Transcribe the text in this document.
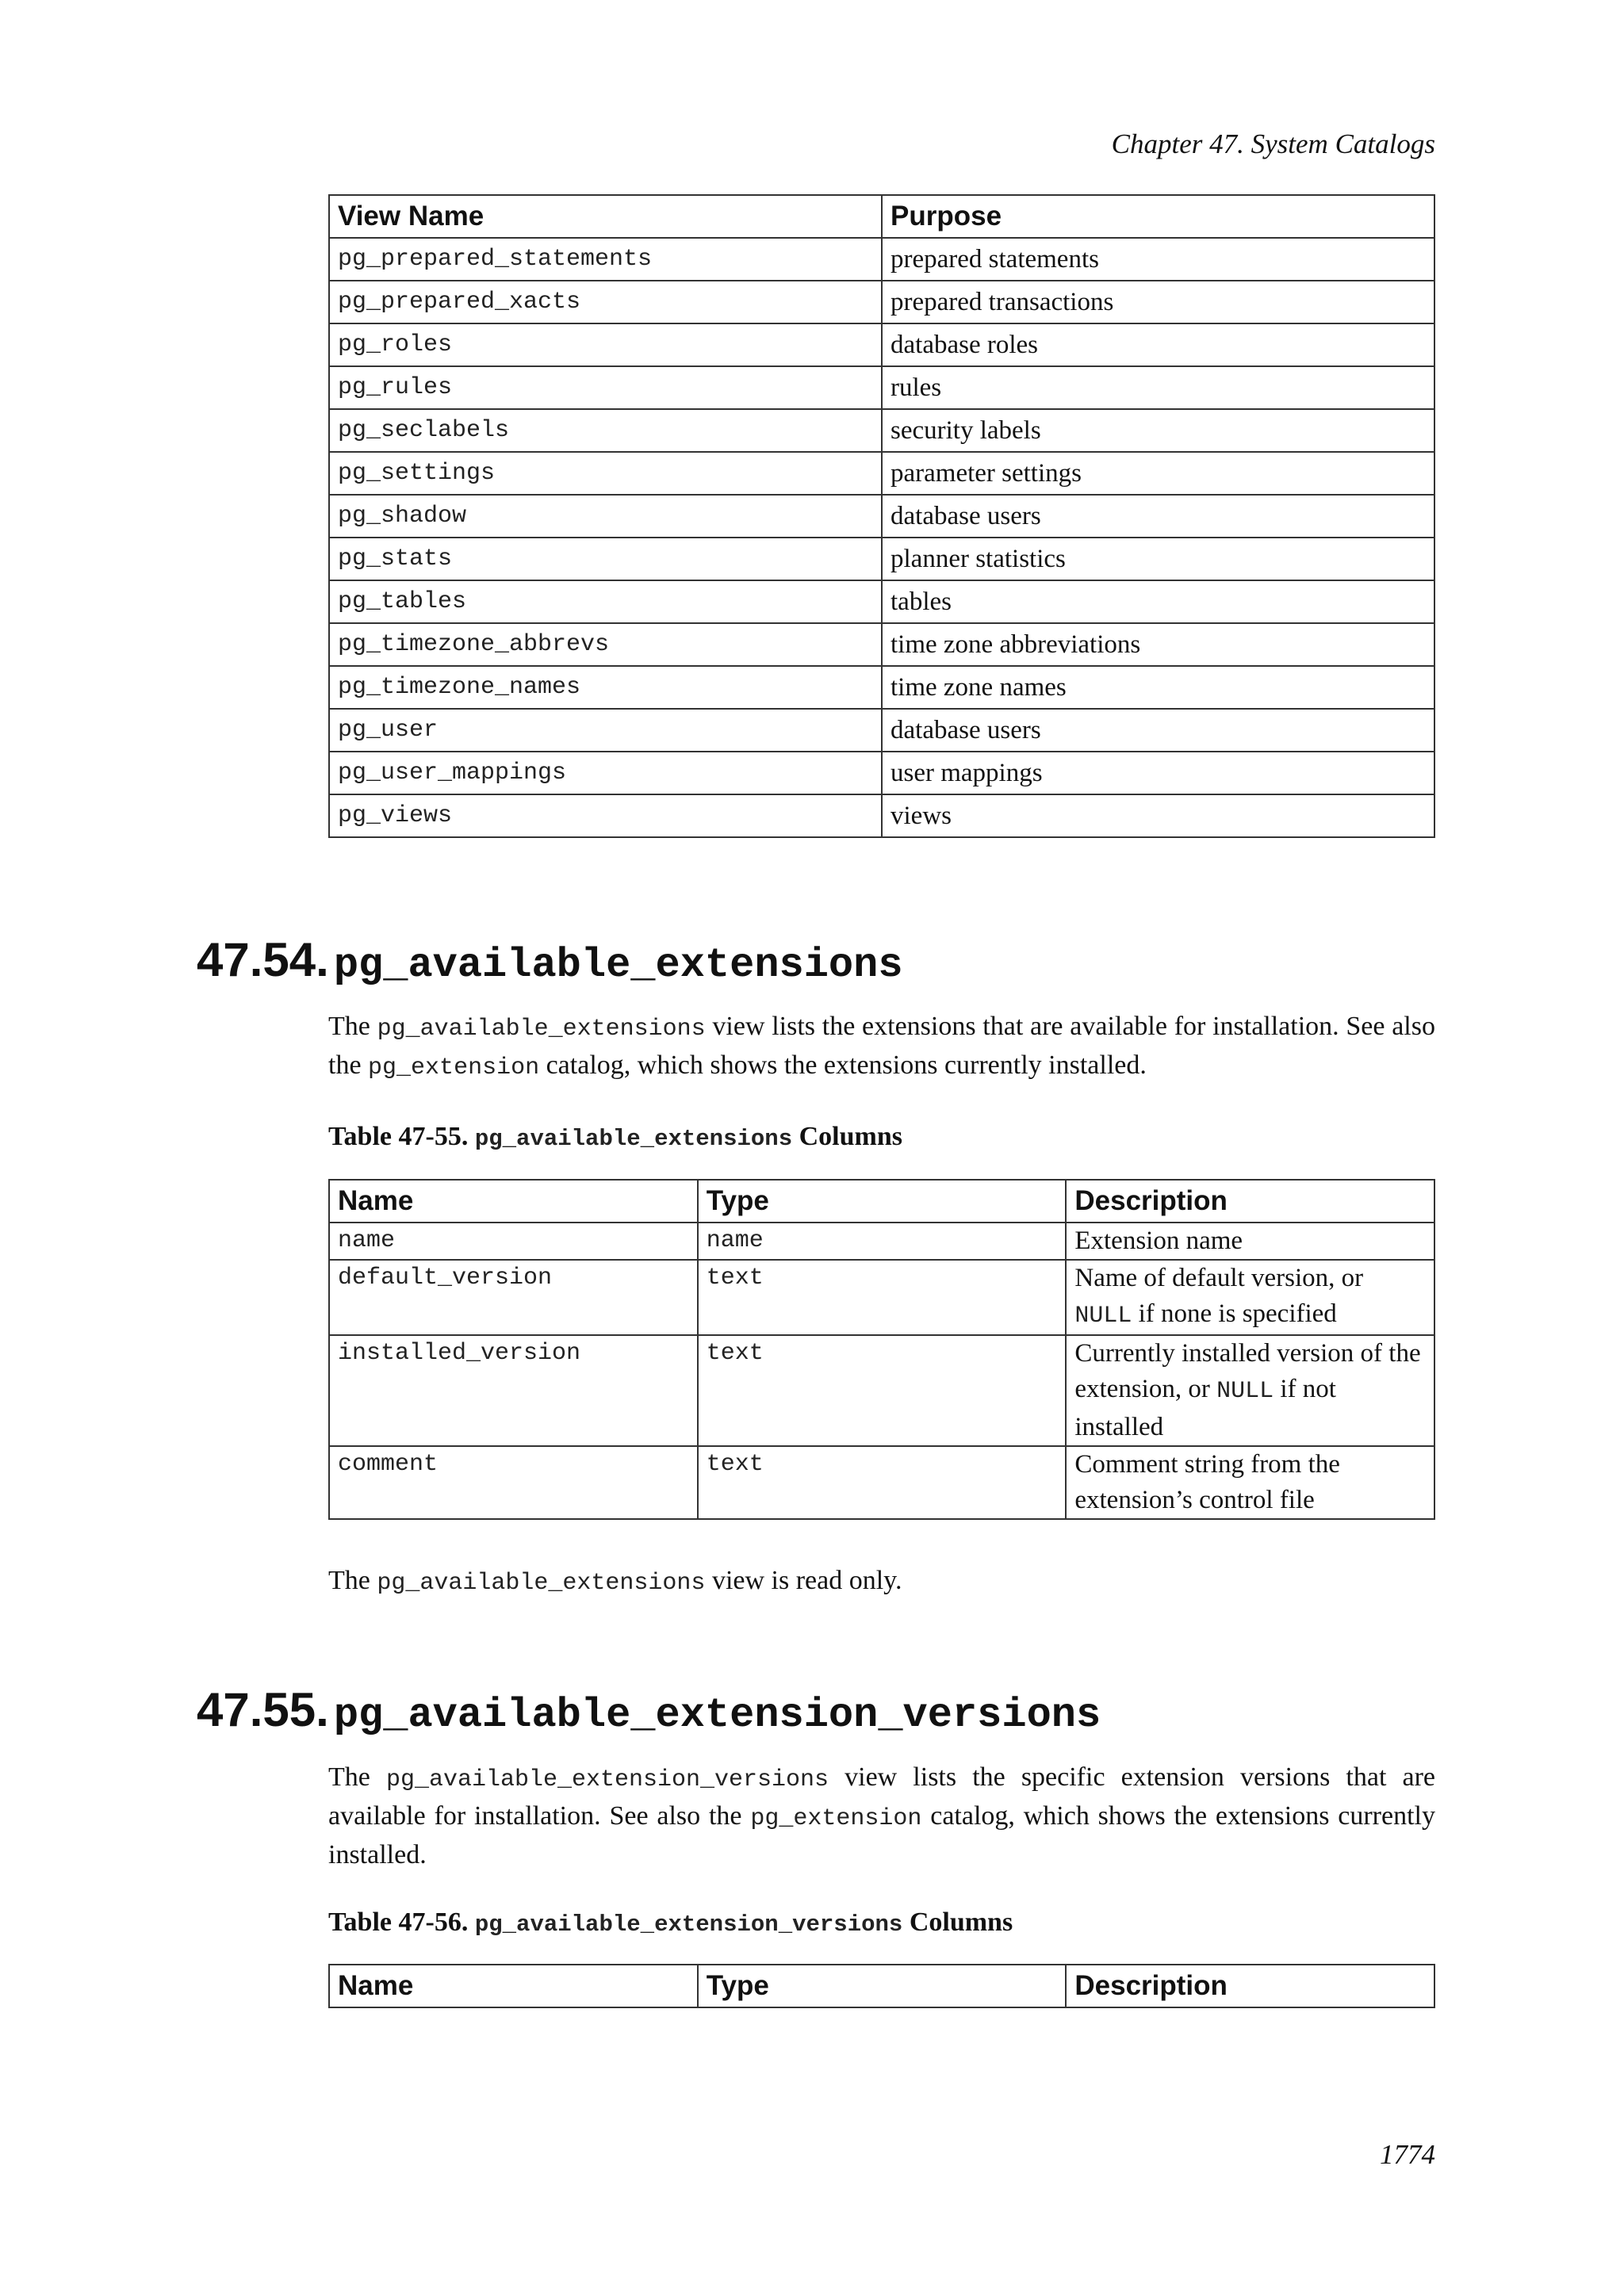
Chapter 47. System Catalogs
View Name	Purpose
pg_prepared_statements	prepared statements
pg_prepared_xacts	prepared transactions
pg_roles	database roles
pg_rules	rules
pg_seclabels	security labels
pg_settings	parameter settings
pg_shadow	database users
pg_stats	planner statistics
pg_tables	tables
pg_timezone_abbrevs	time zone abbreviations
pg_timezone_names	time zone names
pg_user	database users
pg_user_mappings	user mappings
pg_views	views
47.54. pg_available_extensions

The pg_available_extensions view lists the extensions that are available for installation. See also the pg_extension catalog, which shows the extensions currently installed.

Table 47-55. pg_available_extensions Columns

Name	Type	Description
name	name	Extension name
default_version	text	Name of default version, or NULL if none is specified
installed_version	text	Currently installed version of the extension, or NULL if not installed
comment	text	Comment string from the extension’s control file

The pg_available_extensions view is read only.

47.55. pg_available_extension_versions

The pg_available_extension_versions view lists the specific extension versions that are available for installation. See also the pg_extension catalog, which shows the extensions currently installed.

Table 47-56. pg_available_extension_versions Columns

Name	Type	Description
1774
